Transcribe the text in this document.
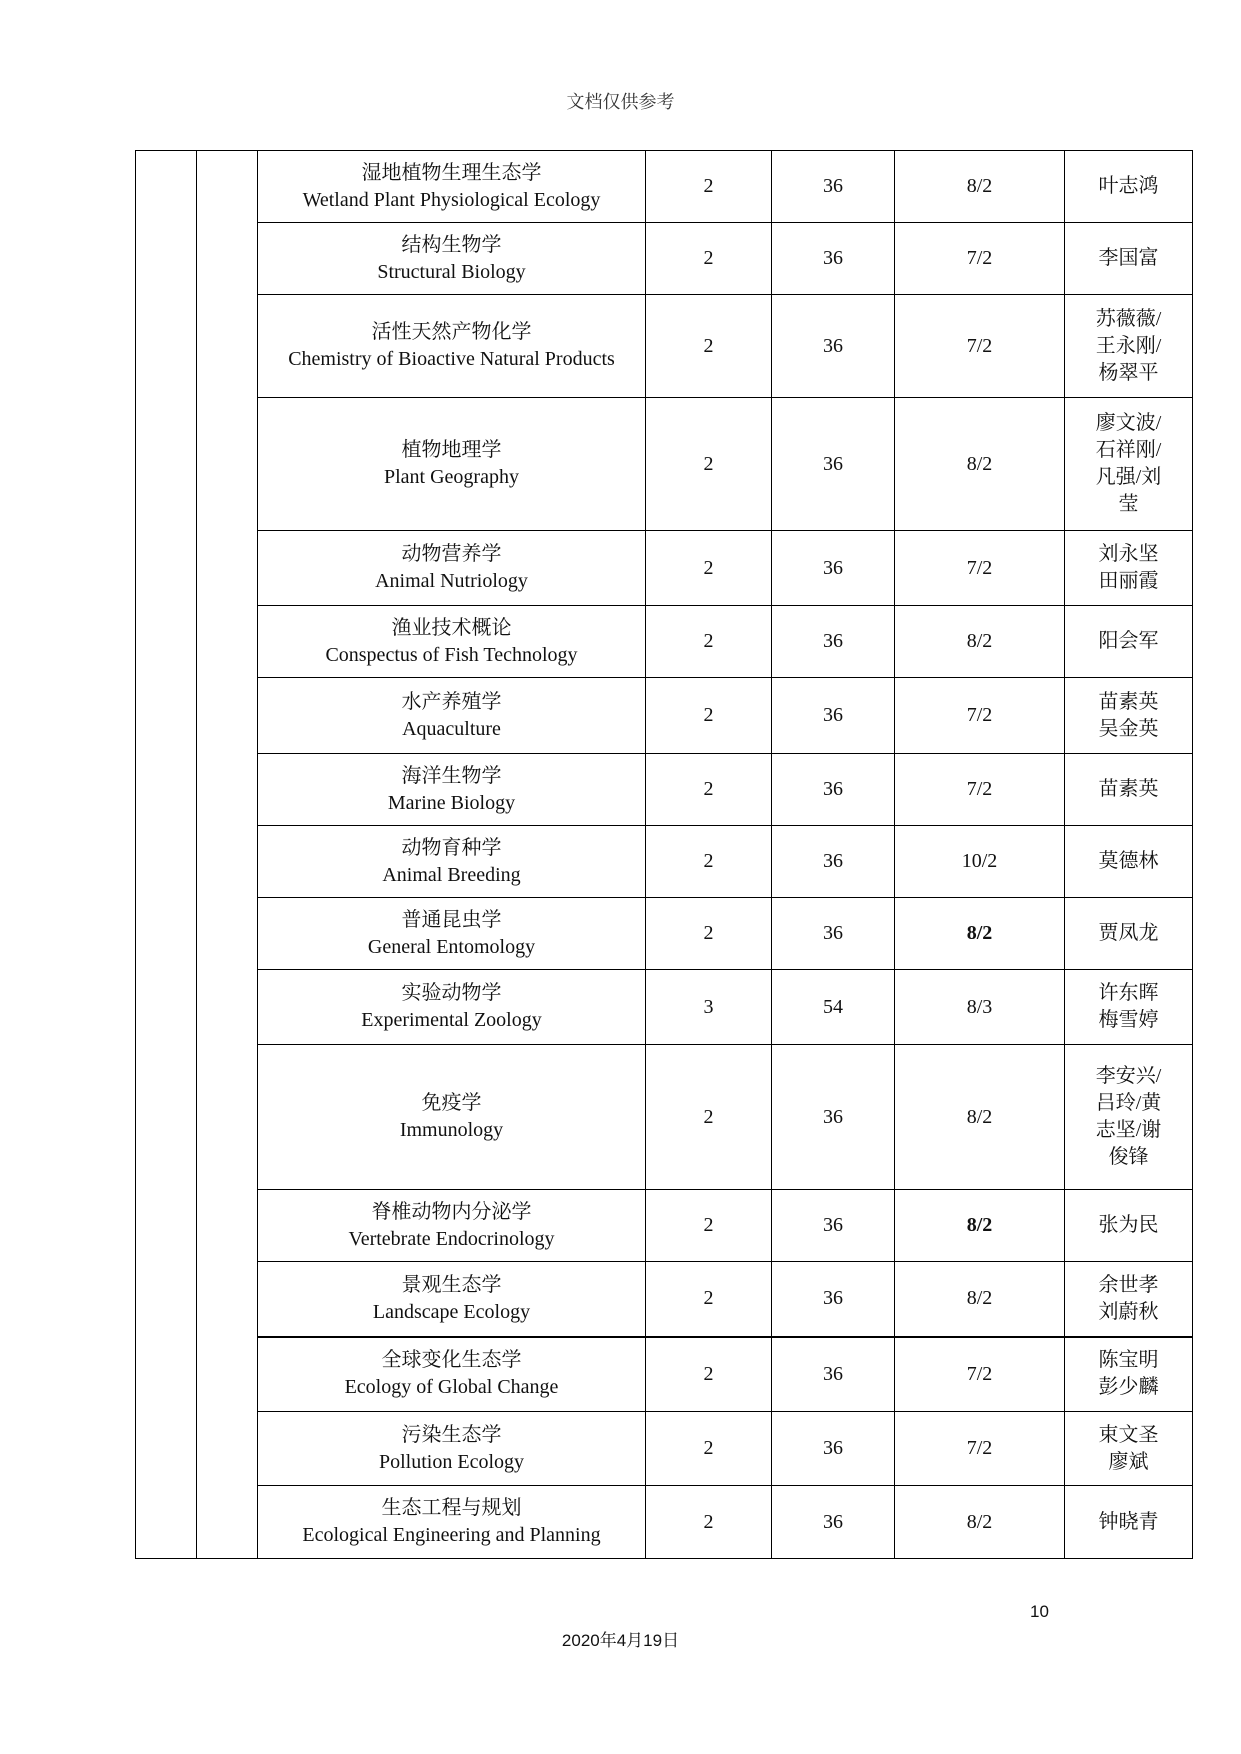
文档仅供参考

		湿地植物生理生态学
Wetland Plant Physiological Ecology	2	36	8/2	叶志鸿

		结构生物学
Structural Biology	2	36	7/2	李国富

		活性天然产物化学
Chemistry of Bioactive Natural Products	2	36	7/2	苏薇薇/
王永刚/
杨翠平

		植物地理学
Plant Geography	2	36	8/2	廖文波/
石祥刚/
凡强/刘
莹

		动物营养学
Animal Nutriology	2	36	7/2	刘永坚
田丽霞

		渔业技术概论
Conspectus of Fish Technology	2	36	8/2	阳会军

		水产养殖学
Aquaculture	2	36	7/2	苗素英
吴金英

		海洋生物学
Marine Biology	2	36	7/2	苗素英

		动物育种学
Animal Breeding	2	36	10/2	莫德林

		普通昆虫学
General Entomology	2	36	8/2	贾凤龙

		实验动物学
Experimental Zoology	3	54	8/3	许东晖
梅雪婷

		免疫学
Immunology	2	36	8/2	李安兴/
吕玲/黄
志坚/谢
俊锋

		脊椎动物内分泌学
Vertebrate Endocrinology	2	36	8/2	张为民

		景观生态学
Landscape Ecology	2	36	8/2	余世孝
刘蔚秋

		全球变化生态学
Ecology of Global Change	2	36	7/2	陈宝明
彭少麟

		污染生态学
Pollution Ecology	2	36	7/2	束文圣
廖斌

		生态工程与规划
Ecological Engineering and Planning	2	36	8/2	钟晓青
10
2020年4月19日
